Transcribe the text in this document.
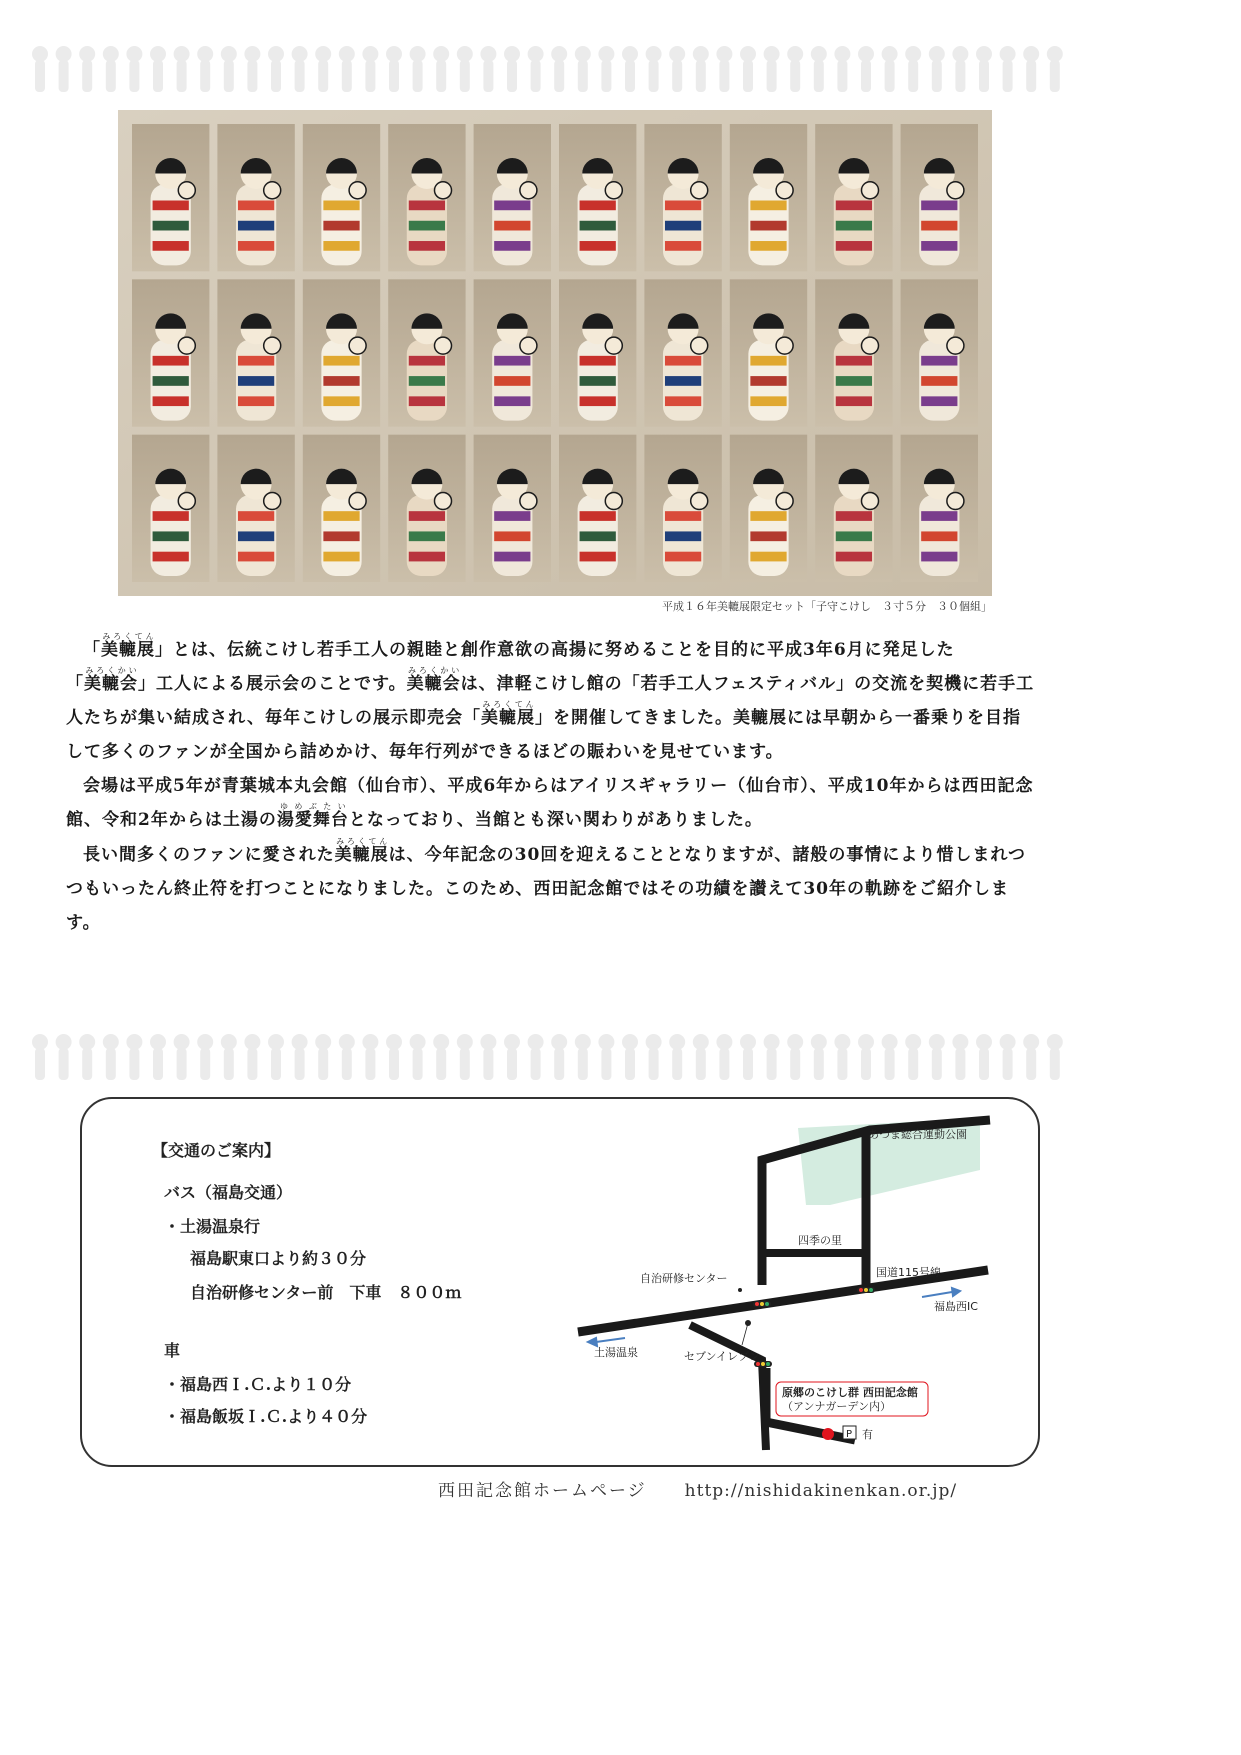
平成１６年美轆展限定セット「子守こけし　３寸５分　３０個組」

「美轆展みろくてん」とは、伝統こけし若手工人の親睦と創作意欲の高揚に努めることを目的に平成3年6月に発足した「美轆会みろくかい」工人による展示会のことです。美轆会みろくかいは、津軽こけし館の「若手工人フェスティバル」の交流を契機に若手工人たちが集い結成され、毎年こけしの展示即売会「美轆展みろくてん」を開催してきました。美轆展には早朝から一番乗りを目指して多くのファンが全国から詰めかけ、毎年行列ができるほどの賑わいを見せています。

会場は平成5年が青葉城本丸会館（仙台市）、平成6年からはアイリスギャラリー（仙台市）、平成10年からは西田記念館、令和2年からは土湯の湯愛舞台ゆめぶたいとなっており、当館とも深い関わりがありました。

長い間多くのファンに愛された美轆展みろくてんは、今年記念の30回を迎えることとなりますが、諸般の事情により惜しまれつつもいったん終止符を打つことになりました。このため、西田記念館ではその功績を讃えて30年の軌跡をご紹介します。

【交通のご案内】
バス（福島交通）
・土湯温泉行
福島駅東口より約３０分
自治研修センター前　下車　８００ｍ
車
・福島西Ｉ.Ｃ.より１０分
・福島飯坂Ｉ.Ｃ.より４０分
あづま総合運動公園
四季の里
自治研修センター	国道115号線
福島西IC
土湯温泉	セブンイレブン
原郷のこけし群 西田記念館
（アンナガーデン内）
P 有
西田記念館ホームページ http://nishidakinenkan.or.jp/
